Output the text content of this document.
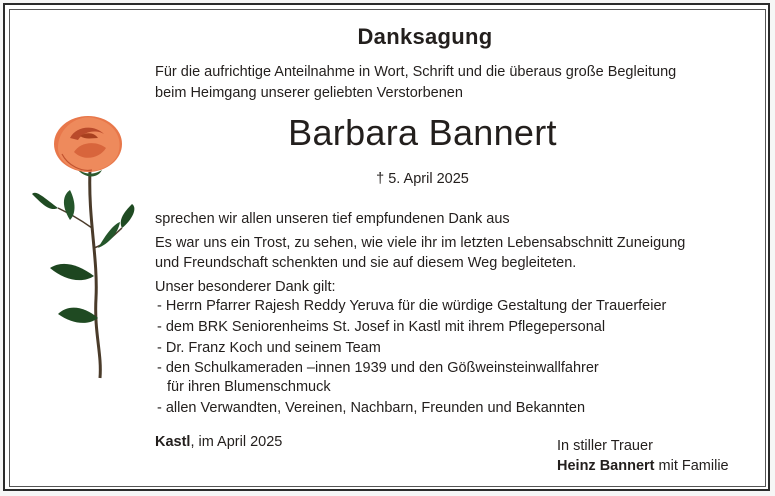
Danksagung
Für die aufrichtige Anteilnahme in Wort, Schrift und die überaus große Begleitung
beim Heimgang unserer geliebten Verstorbenen
Barbara Bannert
† 5. April 2025
sprechen wir allen unseren tief empfundenen Dank aus
Es war uns ein Trost, zu sehen, wie viele ihr im letzten Lebensabschnitt Zuneigung
und Freundschaft schenkten und sie auf diesem Weg begleiteten.
Unser besonderer Dank gilt:
- Herrn Pfarrer Rajesh Reddy Yeruva für die würdige Gestaltung der Trauerfeier
- dem BRK Seniorenheims St. Josef in Kastl mit ihrem Pflegepersonal
- Dr. Franz Koch und seinem Team
- den Schulkameraden –innen 1939 und den Gößweinsteinwallfahrer
für ihren Blumenschmuck
- allen Verwandten, Vereinen, Nachbarn, Freunden und Bekannten
Kastl, im April 2025	In stiller Trauer
Heinz Bannert mit Familie
